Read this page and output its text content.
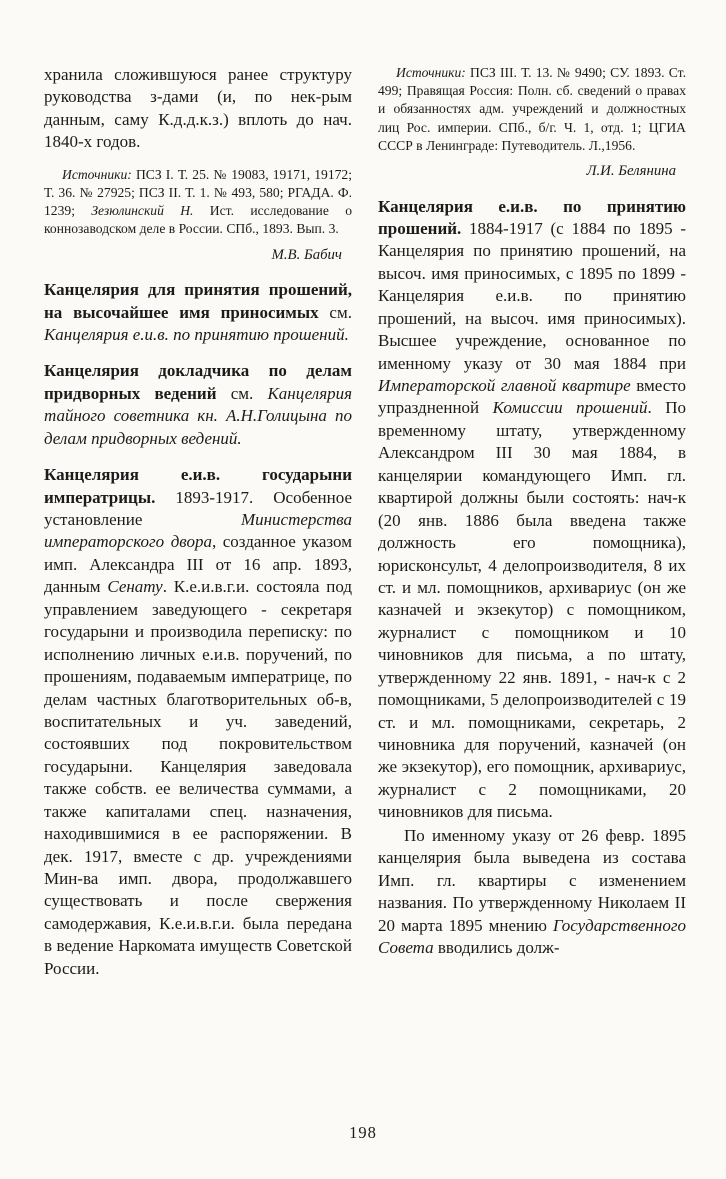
хранила сложившуюся ранее структуру руководства з-дами (и, по нек-рым данным, саму К.д.д.к.з.) вплоть до нач. 1840-х годов.

Источники: ПСЗ I. Т. 25. № 19083, 19171, 19172; Т. 36. № 27925; ПСЗ II. Т. 1. № 493, 580; РГАДА. Ф. 1239; Зезюлинский Н. Ист. исследование о коннозаводском деле в России. СПб., 1893. Вып. 3.

М.В. Бабич

Канцелярия для принятия прошений, на высочайшее имя приносимых см. Канцелярия е.и.в. по принятию прошений.

Канцелярия докладчика по делам придворных ведений см. Канцелярия тайного советника кн. А.Н.Голицына по делам придворных ведений.

Канцелярия е.и.в. государыни императрицы. 1893-1917. Особенное установление Министерства императорского двора, созданное указом имп. Александра III от 16 апр. 1893, данным Сенату. К.е.и.в.г.и. состояла под управлением заведующего - секретаря государыни и производила переписку: по исполнению личных е.и.в. поручений, по прошениям, подаваемым императрице, по делам частных благотворительных об-в, воспитательных и уч. заведений, состоявших под покровительством государыни. Канцелярия заведовала также собств. ее величества суммами, а также капиталами спец. назначения, находившимися в ее распоряжении. В дек. 1917, вместе с др. учреждениями Мин-ва имп. двора, продолжавшего существовать и после свержения самодержавия, К.е.и.в.г.и. была передана в ведение Наркомата имуществ Советской России.

Источники: ПСЗ III. Т. 13. № 9490; СУ. 1893. Ст. 499; Правящая Россия: Полн. сб. сведений о правах и обязанностях адм. учреждений и должностных лиц Рос. империи. СПб., б/г. Ч. 1, отд. 1; ЦГИА СССР в Ленинграде: Путеводитель. Л.,1956.

Л.И. Белянина

Канцелярия е.и.в. по принятию прошений. 1884-1917 (с 1884 по 1895 - Канцелярия по принятию прошений, на высоч. имя приносимых, с 1895 по 1899 - Канцелярия е.и.в. по принятию прошений, на высоч. имя приносимых). Высшее учреждение, основанное по именному указу от 30 мая 1884 при Императорской главной квартире вместо упраздненной Комиссии прошений. По временному штату, утвержденному Александром III 30 мая 1884, в канцелярии командующего Имп. гл. квартирой должны были состоять: нач-к (20 янв. 1886 была введена также должность его помощника), юрисконсульт, 4 делопроизводителя, 8 их ст. и мл. помощников, архивариус (он же казначей и экзекутор) с помощником, журналист с помощником и 10 чиновников для письма, а по штату, утвержденному 22 янв. 1891, - нач-к с 2 помощниками, 5 делопроизводителей с 19 ст. и мл. помощниками, секретарь, 2 чиновника для поручений, казначей (он же экзекутор), его помощник, архивариус, журналист с 2 помощниками, 20 чиновников для письма.

По именному указу от 26 февр. 1895 канцелярия была выведена из состава Имп. гл. квартиры с изменением названия. По утвержденному Николаем II 20 марта 1895 мнению Государственного Совета вводились долж-

198
